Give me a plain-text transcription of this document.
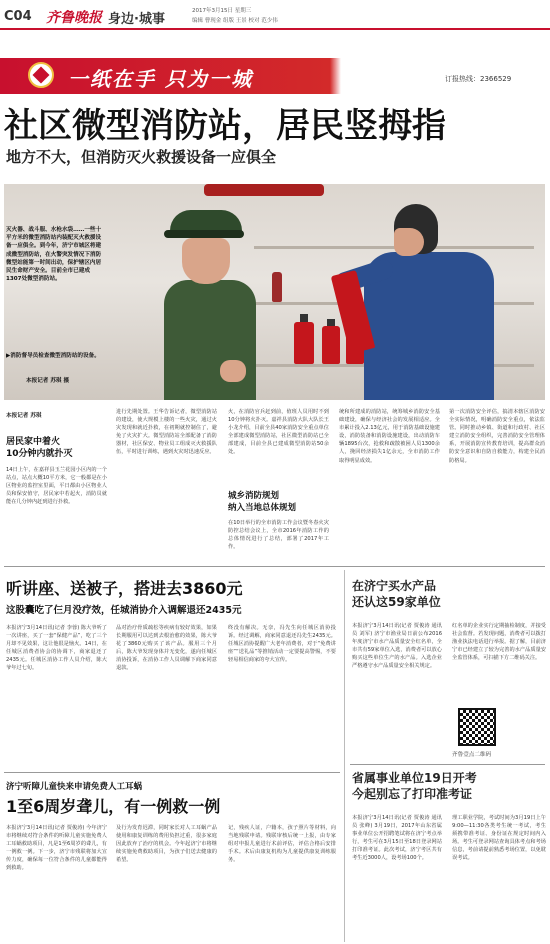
C04 齐鲁晚报 身边·城事
2017年3月15日 星期三
编辑 曹现金 组版 王景 校对 范少伟
一纸在手 只为一城	订报热线：2366529
社区微型消防站，居民竖拇指
地方不大，但消防灭火救援设备一应俱全
灭火器、战斗服、水枪水袋……一些十平方米的微型消防站内装配灭火救援设备一应俱全。到今年，济宁市城区将建成微型消防站，在火警突发情况下消防微型站能第一时间出动，保护辖区内居民生命财产安全。目前全市已建成1307处微型消防站。
▶消防督导员检查微型消防站的设备。
本报记者 苏琪 摄
本报记者 苏琪
居民家中着火
10分钟内就扑灭
14日上午，在嘉祥县玉兰花园小区内的一个站点，站点大概10平方米，它一般都是在小区物业的监控室里面，平日都由小区物业人员和保安值守，居民家中若起火，消防员就能在几分钟内赶到进行扑救。
进行先期处置。王华告诉记者，微型消防站的建设，使大规模上楼的一些火灾，通过火灾发现和就近扑救，在初期就控制住了，避免了火灾扩大。微型消防站全部配备了消防器材，社区保安、物业员工组成灭火救援队伍，平时进行训练，遇到火灾时迅速反应。
火，在消防官兵赶到前，值班人员用时不到10分钟将火扑灭。嘉祥县消防大队大队长王小龙介绍，目前全县40家消防安全重点单位全部建成微型消防站，社区微型消防站已全部建成，目前全县已建成微型消防站50余处。
城乡消防规划
纳入当地总体规划
在10日举行的全市消防工作会议暨冬春火灾防控总结会议上，全市2016年消防工作的总体情况进行了总结，部署了2017年工作。
统和所建成的消防站，统筹城乡消防安全基础建设，确保与经济社会的发展相适应。全市累计投入2.13亿元，用于消防基础设施建设，消防装备和消防设施建设，出动消防车辆1895台次，抢救和疏散被困人员1300余人，挽回经济损失1亿余元，全市消防工作取得明显成效。
第一次消防安全评估，搞清本辖区消防安全实际情况，明确消防安全重点，依法监管。同时推动乡镇、街道和行政村、社区建立消防安全组织，完善消防安全管理体系，开展消防宣传教育培训，提高群众消防安全意识和自防自救能力，构建全民消防格局。
听讲座、送被子，搭进去3860元
这股囊吃了仨月没疗效，任城消协介入调解退还2435元
本报济宁3月14日讯(记者 李蓉) 陈大爷听了一次讲座，买了一套“保健产品”，吃了三个月却不见效果，这让他很是恼火。14日，在任城区消费者协会的协调下，商家退还了2435元。任城区消协工作人员介绍，陈大爷年过七旬。
品对治疗骨质疏松等疾病有较好效果，如果长期服用可以达到去根治愈的效果，陈大爷花了3860元购买了该产品。服用三个月后，陈大爷发现身体并无变化，遂向任城区消协投诉，在消协工作人员调解下商家同意退款。
终没有解决。无奈，冯先生向任城区消协投诉。经过调解，商家同意退还冯先生2435元。任城区消协提醒广大老年消费者，对于“免费讲座”“送礼品”等推销活动一定要提高警惕，不要轻易相信商家的夸大宣传。
在济宁买水产品
还认这59家单位
本报济宁3月14日讯(记者 贾俊涛 通讯员 刘军) 济宁市渔业局日前公布2016年度济宁市水产品质量安全红名单，全市共有59家单位入选，消费者可以放心购买这些单位生产的水产品。入选企业严格遵守水产品质量安全相关规定。
红名单的企业实行定期抽检制度，并接受社会监督。若发现问题，消费者可以拨打渔业执法电话进行举报。据了解，目前济宁市已经建立了较为完善的水产品质量安全监管体系，可扫描下方二维码关注。
齐鲁壹点二维码
济宁听障儿童快来申请免费人工耳蜗
1至6周岁聋儿，有一例救一例
本报济宁3月14日讯(记者 贾俊涛) 今年济宁市将继续对符合条件的听障儿童实施免费人工耳蜗救助项目，凡是1至6周岁的聋儿，有一例救一例。下一步，济宁市残联将加大宣传力度，确保每一位符合条件的儿童都能得到救助。
及行为发育迟滞，同时家长对人工耳蜗产品使用和康复训练的费用负担过重，很多家庭因此放弃了治疗的机会。今年起济宁市将继续实施免费救助项目，为孩子们送去健康的希望。
记，残疾人证，户籍本，孩子照片等材料，向当地残联申请。残联审核后统一上报，由专家组对申报儿童进行术前评估，评估合格后安排手术。术后由康复机构为儿童提供康复训练服务。
省属事业单位19日开考
今起别忘了打印准考证
本报济宁3月14日讯(记者 贾俊涛 通讯员 张峰) 3月19日，2017年山东省属事业单位公开招聘笔试将在济宁考点举行，考生可在3月15日至18日登录网站打印准考证。此次考试，济宁考区共有考生近3000人，设考场100个。
理工职业学院，考试时间为3月19日上午9:00—11:30各类考生统一考试，考生须携带准考证、身份证在规定时间内入场。考生可登录网站查询具体考点和考场信息，考前请提前熟悉考场位置，以免耽误考试。
